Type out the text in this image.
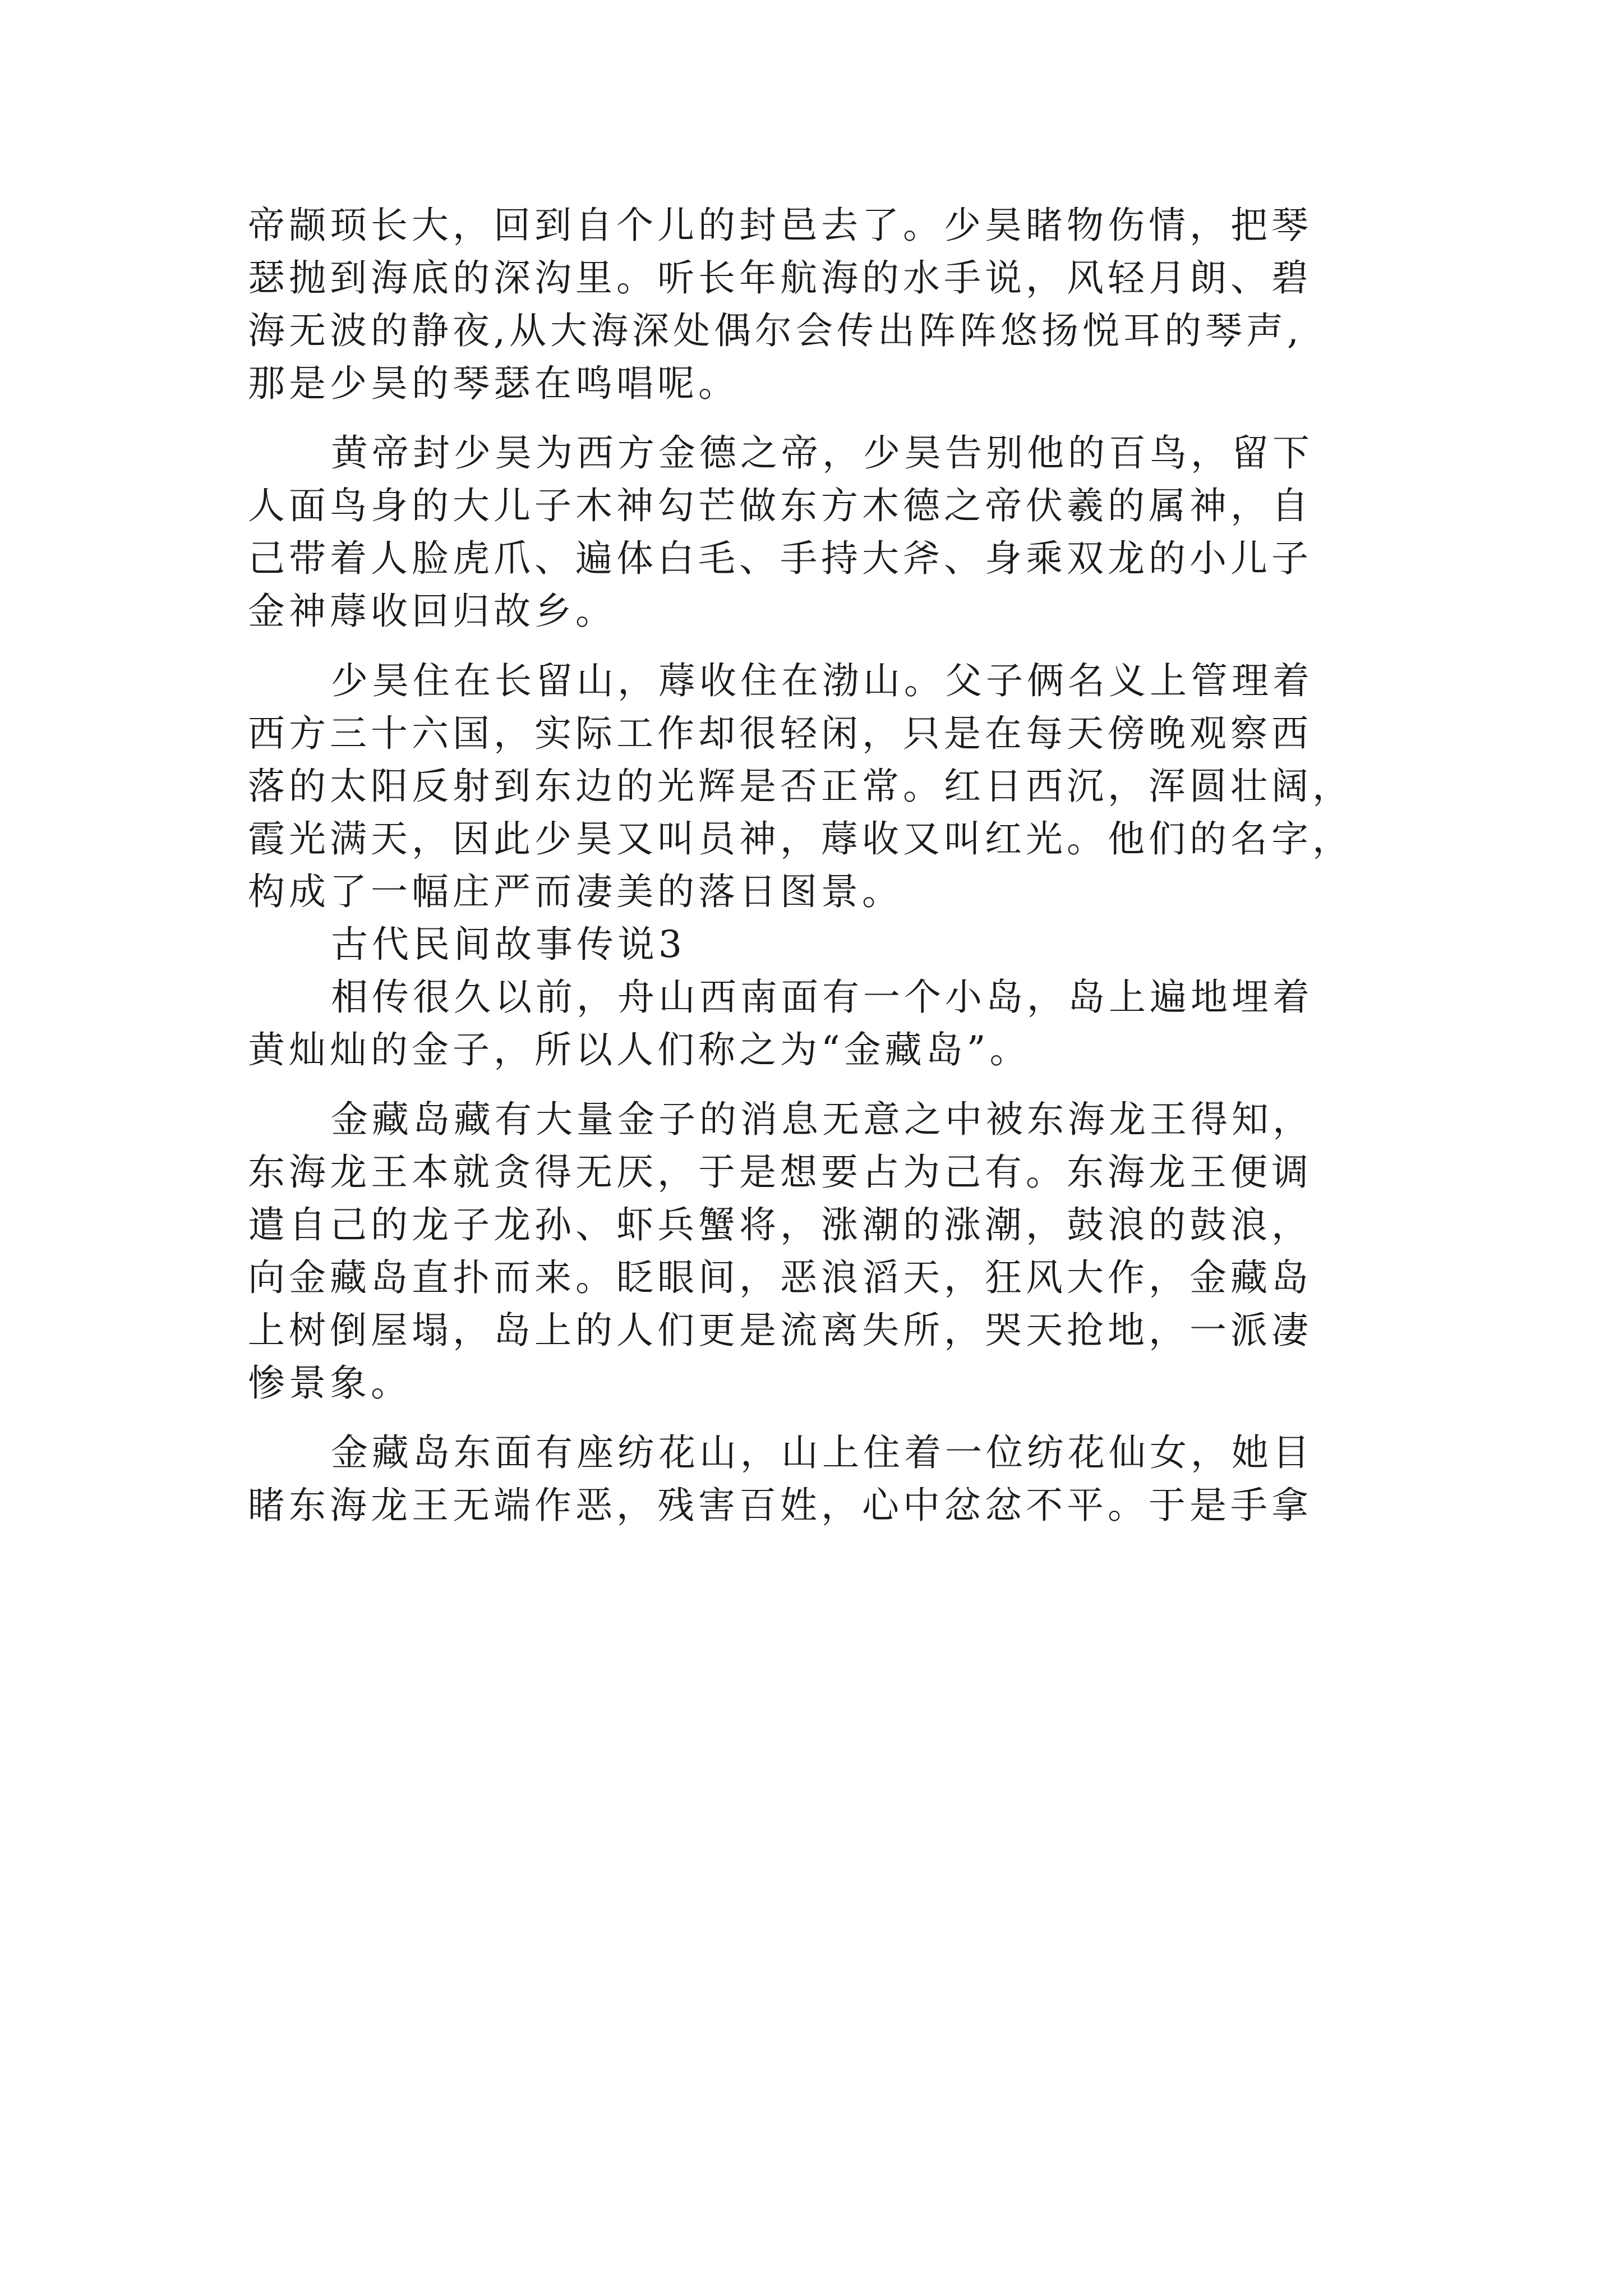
帝颛顼长大，回到自个儿的封邑去了。少昊睹物伤情，把琴
瑟抛到海底的深沟里。听长年航海的水手说，风轻月朗、碧
海无波的静夜,从大海深处偶尔会传出阵阵悠扬悦耳的琴声,
那是少昊的琴瑟在鸣唱呢。
黄帝封少昊为西方金德之帝，少昊告别他的百鸟，留下
人面鸟身的大儿子木神勾芒做东方木德之帝伏羲的属神，自
己带着人脸虎爪、遍体白毛、手持大斧、身乘双龙的小儿子
金神蓐收回归故乡。
少昊住在长留山，蓐收住在渤山。父子俩名义上管理着
西方三十六国，实际工作却很轻闲，只是在每天傍晚观察西
落的太阳反射到东边的光辉是否正常。红日西沉，浑圆壮阔，
霞光满天，因此少昊又叫员神，蓐收又叫红光。他们的名字，
构成了一幅庄严而凄美的落日图景。
古代民间故事传说3
相传很久以前，舟山西南面有一个小岛，岛上遍地埋着
黄灿灿的金子，所以人们称之为“金藏岛”。
金藏岛藏有大量金子的消息无意之中被东海龙王得知，
东海龙王本就贪得无厌，于是想要占为己有。东海龙王便调
遣自己的龙子龙孙、虾兵蟹将，涨潮的涨潮，鼓浪的鼓浪，
向金藏岛直扑而来。眨眼间，恶浪滔天，狂风大作，金藏岛
上树倒屋塌，岛上的人们更是流离失所，哭天抢地，一派凄
惨景象。
金藏岛东面有座纺花山，山上住着一位纺花仙女，她目
睹东海龙王无端作恶，残害百姓，心中忿忿不平。于是手拿
